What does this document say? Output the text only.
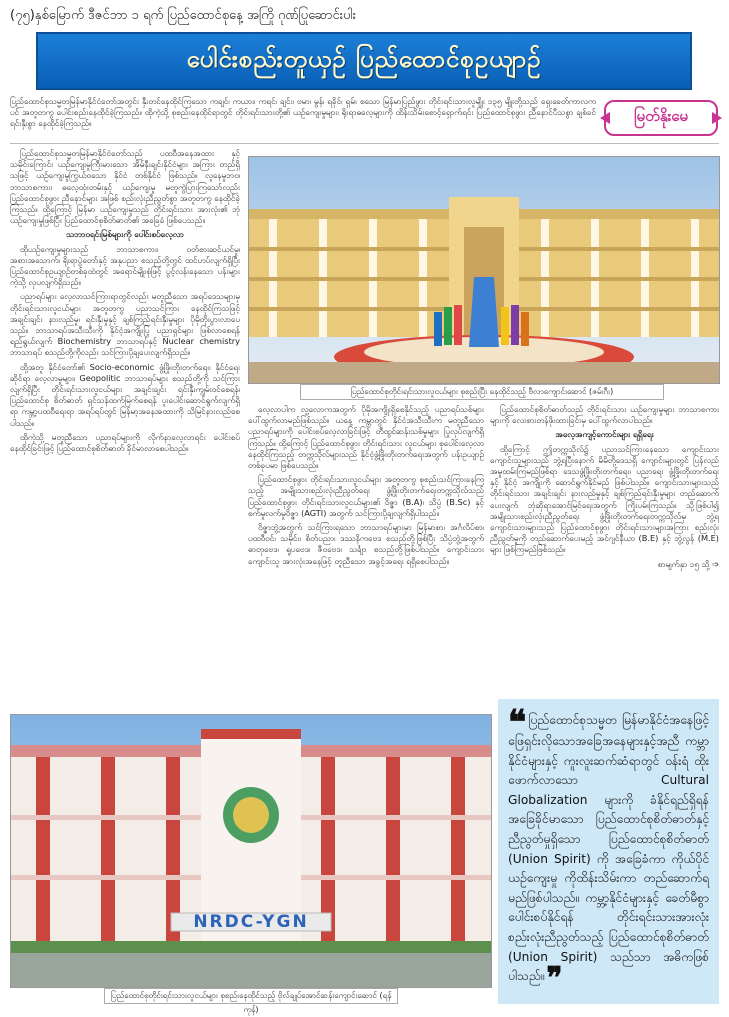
(၇၅)နှစ်မြောက် ဒီဇင်ဘာ ၁ ရက် ပြည်ထောင်စုနေ့ အကြို ဂုဏ်ပြုဆောင်းပါး
ပေါင်းစည်းတူယှဉ် ပြည်ထောင်စုဥယျာဉ်
ပြည်ထောင်စုသမ္မတမြန်မာနိုင်ငံတော်အတွင်း နှီးတင်နေထိုင်ကြသော ကချင်၊ ကယား၊ ကရင်၊ ချင်း၊ ဗမာ၊ မွန်၊ ရခိုင်၊ ရှမ်း စသော မြန်မာပြည်ဖွား တိုင်းရင်းသားလူမျိုး ၁၃၅ မျိုးတို့သည် ရှေးခေတ်ကာလကပင် အတူတကွ ပေါင်းစည်းနေထိုင်ခဲ့ကြသည်။ ထိုကဲ့သို့ စုစည်းနေထိုင်ရာတွင် တိုင်းရင်းသားတို့၏ ယဉ်ကျေးမှုများ၊ ရိုးရာဓလေ့များကို ထိန်းသိမ်းစောင့်ရှောက်ရင်း ပြည်ထောင်စုဖွား ညီနောင်ပီသစွာ ချစ်ခင်ရင်းနှီးစွာ နေထိုင်ခဲ့ကြသည်။	မြတ်နိုးမေ

ပြည်ထောင်စုသမ္မတမြန်မာနိုင်ငံတော်သည် ပထဝီအနေအထား နှင့် သမိုင်းကြောင်း ယဉ်ကျေးမှုကြီးမားသော အိမ်နီးချင်းနိုင်ငံများ အကြား တည်ရှိသဖြင့် ယဉ်ကျေးမှုကြွယ်ဝသော နိုင်ငံ တစ်နိုင်ငံ ဖြစ်သည်။ လူနေမှုဘဝ၊ ဘာသာစကား၊ ဓလေ့ထုံးတမ်းနှင့် ယဉ်ကျေးမှု မတူကွဲပြားကြသော်လည်း ပြည်ထောင်စုဖွား ညီနောင်များ အဖြစ် စည်းလုံးညီညွတ်စွာ အတူတကွ နေထိုင်ခဲ့ကြသည်။ ထို့ကြောင့် မြန်မာ ယဉ်ကျေးမှုသည် တိုင်းရင်းသား အားလုံး၏ ဘုံယဉ်ကျေးမှုဖြစ်ပြီး ပြည်ထောင်စုစိတ်ဓာတ်၏ အခြေခံ ဖြစ်ပေသည်။

သဘာဝရင်းမြစ်များကို ပေါင်းစပ်လေ့လာ

ထိုယဉ်ကျေးမှုများသည် ဘာသာစကား၊ ဝတ်စားဆင်ယင်မှု၊ အစားအသောက်၊ ရိုးရာပွဲတော်နှင့် အနုပညာ စသည်တို့တွင် ထင်ဟပ်လျက်ရှိပြီး ပြည်ထောင်စုဥယျာဉ်တစ်ခုထဲတွင် အရောင်မျိုးစုံဖြင့် ပွင့်လန်းနေသော ပန်းများကဲ့သို့ လှပလျက်ရှိသည်။

ပညာရပ်များ လေ့လာသင်ကြားရာတွင်လည်း မတူညီသော အရပ်ဒေသများမှ တိုင်းရင်းသားလူငယ်များ အတူတကွ ပညာသင်ကြား နေထိုင်ကြသဖြင့် အချင်းချင်း နားလည်မှု၊ ရင်းနှီးမှုနှင့် ချစ်ကြည်ရင်းနှီးမှုများ ပိုမိုတိုးပွားလာပေသည်။ ဘာသာရပ်အသီးသီးကို နိုင်ငံ့အကျိုးပြု ပညာရှင်များ ဖြစ်လာစေရန် ရည်ရွယ်လျက် Biochemistry ဘာသာရပ်နှင့် Nuclear chemistry ဘာသာရပ် စသည်တို့ကိုလည်း သင်ကြားပို့ချပေးလျက်ရှိသည်။

ထို့အတူ နိုင်ငံတော်၏ Socio-economic ဖွံ့ဖြိုးတိုးတက်ရေး၊ နိုင်ငံရေးဆိုင်ရာ လေ့လာမှုများ၊ Geopolitic ဘာသာရပ်များ စသည်တို့ကို သင်ကြားလျက်ရှိပြီး တိုင်းရင်းသားလူငယ်များ အချင်းချင်း ရင်းနှီးကျွမ်းဝင်စေရန်၊ ပြည်ထောင်စု စိတ်ဓာတ် ရှင်သန်ထက်မြက်စေရန် ပူးပေါင်းဆောင်ရွက်လျက်ရှိရာ ကမ္ဘာ့ပထဝီရေးရာ အရပ်ရပ်တွင် မြန်မာ့အနေအထားကို သိမြင်နားလည်စေပါသည်။

ထိုကဲ့သို့ မတူညီသော ပညာရပ်များကို လိုက်နာလေ့လာရင်း ပေါင်းစပ်နေထိုင်ခြင်းဖြင့် ပြည်ထောင်စုစိတ်ဓာတ် ခိုင်မာလာစေပါသည်။

ပြည်ထောင်စုတိုင်းရင်းသားလူငယ်များ စုစည်းပြီး နေထိုင်သည့် ဗီလာကျောင်းဆောင် (ဇမ်းဂီး)

လေ့လာပါက လူ့လောကအတွက် ပိုမိုအကျိုးရှိစေနိုင်သည့် ပညာရပ်သစ်များ ပေါ်ထွက်လာမည်ဖြစ်သည်။ ယနေ့ ကမ္ဘာတွင် နိုင်ငံအသီးသီးက မတူညီသော ပညာရပ်များကို ပေါင်းစပ်လေ့လာခြင်းဖြင့် တီထွင်ဆန်းသစ်မှုများ ပြုလုပ်လျက်ရှိကြသည်။ ထို့ကြောင့် ပြည်ထောင်စုဖွား တိုင်းရင်းသား လူငယ်များ စုပေါင်းလေ့လာနေထိုင်ကြသည့် တက္ကသိုလ်များသည် နိုင်ငံ့ဖွံ့ဖြိုးတိုးတက်ရေးအတွက် ပန်းဥယျာဉ်တစ်ခုပမာ ဖြစ်ပေသည်။

ပြည်ထောင်စုဖွား တိုင်းရင်းသားလူငယ်များ အတူတကွ စုစည်းသင်ကြားနေကြသည့် အမျိုးသားစည်းလုံးညီညွတ်ရေး ဖွံ့ဖြိုးတိုးတက်ရေးတက္ကသိုလ်သည် ပြည်ထောင်စုဖွား တိုင်းရင်းသားလူငယ်များ၏ ဝိဇ္ဇာ (B.A)၊ သိပ္ပံ (B.Sc) နှင့် စက်မှုလက်မှုဝိဇ္ဇာ (AGTI) အတွက် သင်ကြားပို့ချလျက်ရှိပါသည်။

ဝိဇ္ဇာဘွဲ့အတွက် သင်ကြားရသော ဘာသာရပ်များမှာ မြန်မာစာ၊ အင်္ဂလိပ်စာ၊ ပထဝီဝင်၊ သမိုင်း၊ စိတ်ပညာ၊ ဒဿနိကဗေဒ စသည်တို့ဖြစ်ပြီး သိပ္ပံဘွဲ့အတွက် ဓာတုဗေဒ၊ ရူပဗေဒ၊ ဇီဝဗေဒ၊ သင်္ချာ စသည်တို့ဖြစ်ပါသည်။ ကျောင်းသား ကျောင်းသူ အားလုံးအနေဖြင့် တူညီသော အခွင့်အရေး ရရှိစေပါသည်။

ပြည်ထောင်စုစိတ်ဓာတ်သည် တိုင်းရင်းသား ယဉ်ကျေးမှုများ ဘာသာစကားများကို လေးစားတန်ဖိုးထားခြင်းမှ ပေါ်ထွက်လာပါသည်။

အလေ့အကျင့်ကောင်းများ ရရှိရေး

ထို့ကြောင့် ဤတက္ကသိုလ်၌ ပညာသင်ကြားနေသော ကျောင်းသား ကျောင်းသူများသည် ဘွဲ့ရပြီးနောက် မိမိတို့ဒေသရှိ ကျောင်းများတွင် ပြန်လည်အမှုထမ်းကြမည်ဖြစ်ရာ ဒေသဖွံ့ဖြိုးတိုးတက်ရေး၊ ပညာရေး ဖွံ့ဖြိုးတိုးတက်ရေးနှင့် နိုင်ငံ့ အကျိုးကို ဆောင်ရွက်နိုင်မည် ဖြစ်ပါသည်။ ကျောင်းသားများသည် တိုင်းရင်းသား အချင်းချင်း နားလည်မှုနှင့် ချစ်ကြည်ရင်းနှီးမှုများ တည်ဆောက်ပေးလျက် ဘုံဆိုရာအောင်မြင်ရေးအတွက် ကြိုးပမ်းကြသည်။ သို့ဖြစ်ပါ၍ အမျိုးသားစည်းလုံးညီညွတ်ရေး ဖွံ့ဖြိုးတိုးတက်ရေးတက္ကသိုလ်မှ ဘွဲ့ရကျောင်းသားများသည် ပြည်ထောင်စုဖွား တိုင်းရင်းသားများအကြား စည်းလုံးညီညွတ်မှုကို တည်ဆောက်ပေးမည့် အင်ဂျင်နီယာ (B.E) နှင့် ဘွဲ့လွန် (M.E) များ ဖြစ်ကြမည်ဖြစ်သည်။

စာမျက်နှာ ၁၅ သို့ ➩

NRDC-YGN
ပြည်ထောင်စုတိုင်းရင်းသားလူငယ်များ စုစည်းနေထိုင်သည့် ဗိုလ်ချုပ်အောင်ဆန်းကျောင်းဆောင် (ရန်ကုန်)
❝ ပြည်ထောင်စုသမ္မတ မြန်မာနိုင်ငံအနေဖြင့် ဖြေရှင်းလိုသောအခြေအနေများနှင့်အညီ ကမ္ဘာ နိုင်ငံများနှင့် ကူးလူးဆက်ဆံရာတွင် ဝန်းရံ ထိုးဖောက်လာသော Cultural Globalization များကို ခံနိုင်ရည်ရှိရန် အခြေခိုင်မာသော ပြည်ထောင်စုစိတ်ဓာတ်နှင့် ညီညွတ်မှုရှိသော ပြည်ထောင်စုစိတ်ဓာတ် (Union Spirit) ကို အခြေခံကာ ကိုယ်ပိုင်ယဉ်ကျေးမှု ကိုထိန်းသိမ်းကာ တည်ဆောက်ရမည်ဖြစ်ပါသည်။ ကမ္ဘာ့နိုင်ငံများနှင့် ခေတ်မီစွာ ပေါင်းစပ်နိုင်ရန် တိုင်းရင်းသားအားလုံး စည်းလုံးညီညွတ်သည့် ပြည်ထောင်စုစိတ်ဓာတ် (Union Spirit) သည်သာ အဓိကဖြစ်ပါသည်။❞
